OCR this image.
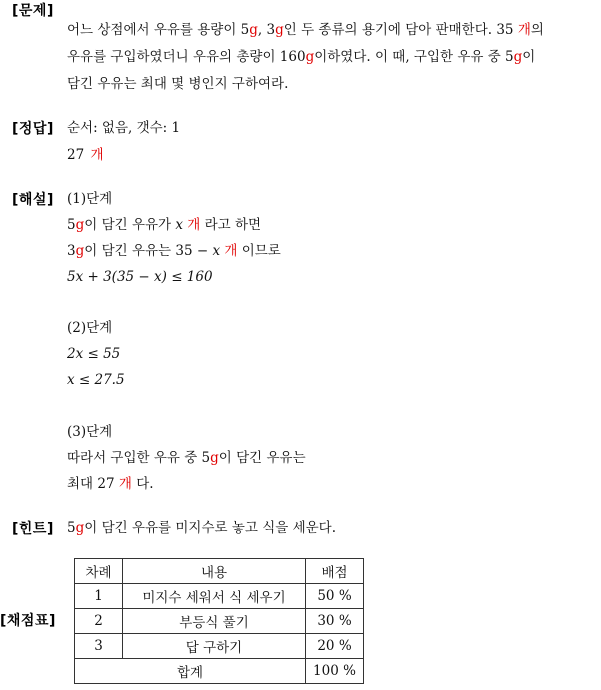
[문제]
어느 상점에서 우유를 용량이 5g, 3g인 두 종류의 용기에 담아 판매한다. 35 개의
우유를 구입하였더니 우유의 총량이 160g이하였다. 이 때, 구입한 우유 중 5g이
담긴 우유는 최대 몇 병인지 구하여라.
[정답] 순서: 없음, 갯수: 1
27 개
[해설] (1)단계
5g이 담긴 우유가 x 개 라고 하면
3g이 담긴 우유는 35 − x 개 이므로
5x + 3(35 − x) ≤ 160
(2)단계
2x ≤ 55
x ≤ 27.5
(3)단계
따라서 구입한 우유 중 5g이 담긴 우유는
최대 27 개 다.
[힌트] 5g이 담긴 우유를 미지수로 놓고 식을 세운다.
[채점표]
차례	내용	배점
1	미지수 세워서 식 세우기	50 %
2	부등식 풀기	30 %
3	답 구하기	20 %
합계		100 %
